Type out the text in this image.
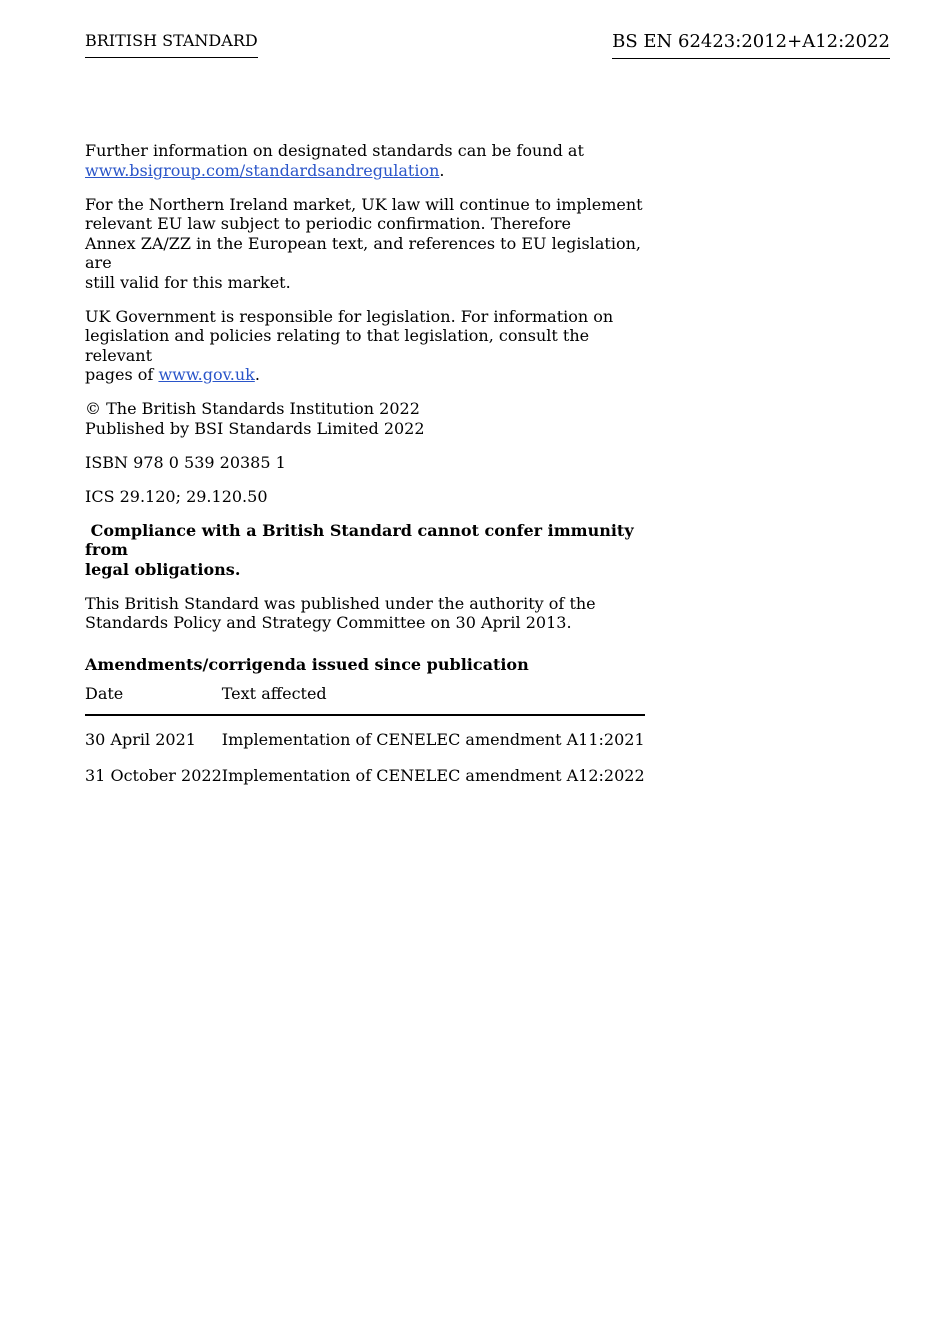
BRITISH STANDARD	BS EN 62423:2012+A12:2022

Further information on designated standards can be found at
www.bsigroup.com/standardsandregulation.

For the Northern Ireland market, UK law will continue to implement
relevant EU law subject to periodic confirmation. Therefore
Annex ZA/ZZ in the European text, and references to EU legislation, are
still valid for this market.

UK Government is responsible for legislation. For information on
legislation and policies relating to that legislation, consult the relevant
pages of www.gov.uk.

© The British Standards Institution 2022
Published by BSI Standards Limited 2022

ISBN 978 0 539 20385 1

ICS 29.120; 29.120.50

Compliance with a British Standard cannot confer immunity from
legal obligations.

This British Standard was published under the authority of the
Standards Policy and Strategy Committee on 30 April 2013.

Amendments/corrigenda issued since publication

Date	Text affected
30 April 2021	Implementation of CENELEC amendment A11:2021
31 October 2022	Implementation of CENELEC amendment A12:2022
